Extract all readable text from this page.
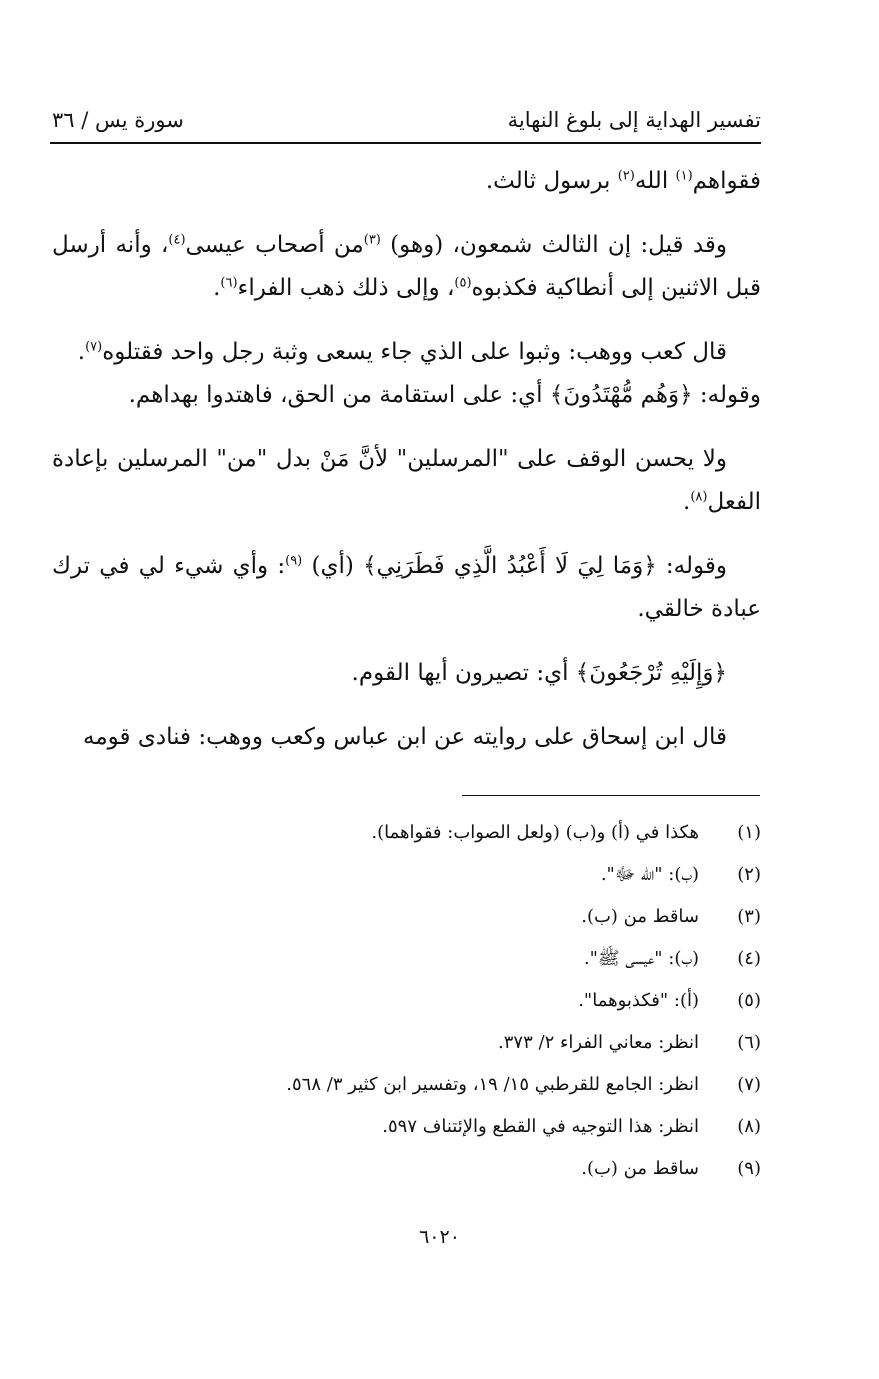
تفسير الهداية إلى بلوغ النهاية
سورة يس / ٣٦

فقواهم$^{(١)}$ الله$^{(٢)}$ برسول ثالث.

وقد قيل: إن الثالث شمعون، (وهو) $^{(٣)}$من أصحاب عيسى$^{(٤)}$، وأنه أرسل قبل الاثنين إلى أنطاكية فكذبوه$^{(٥)}$، وإلى ذلك ذهب الفراء$^{(٦)}$.

قال كعب ووهب: وثبوا على الذي جاء يسعى وثبة رجل واحد فقتلوه$^{(٧)}$.
وقوله: ﴿وَهُم مُّهْتَدُونَ﴾ أي: على استقامة من الحق، فاهتدوا بهداهم.

ولا يحسن الوقف على "المرسلين" لأنَّ مَنْ بدل "من" المرسلين بإعادة الفعل$^{(٨)}$.

وقوله: ﴿وَمَا لِيَ لَا أَعْبُدُ الَّذِي فَطَرَنِي﴾ (أي) $^{(٩)}$: وأي شيء لي في ترك عبادة خالقي.

﴿وَإِلَيْهِ تُرْجَعُونَ﴾ أي: تصيرون أيها القوم.

قال ابن إسحاق على روايته عن ابن عباس وكعب ووهب: فنادى قومه

(١)
هكذا في (أ) و(ب) (ولعل الصواب: فقواهما).
(٢)
(ب): "الله ﷻ".
(٣)
ساقط من (ب).
(٤)
(ب): "عيسى ﷺ".
(٥)
(أ): "فكذبوهما".
(٦)
انظر: معاني الفراء ٢/ ٣٧٣.
(٧)
انظر: الجامع للقرطبي ١٥/ ١٩، وتفسير ابن كثير ٣/ ٥٦٨.
(٨)
انظر: هذا التوجيه في القطع والإئتناف ٥٩٧.
(٩)
ساقط من (ب).
٦٠٢٠
